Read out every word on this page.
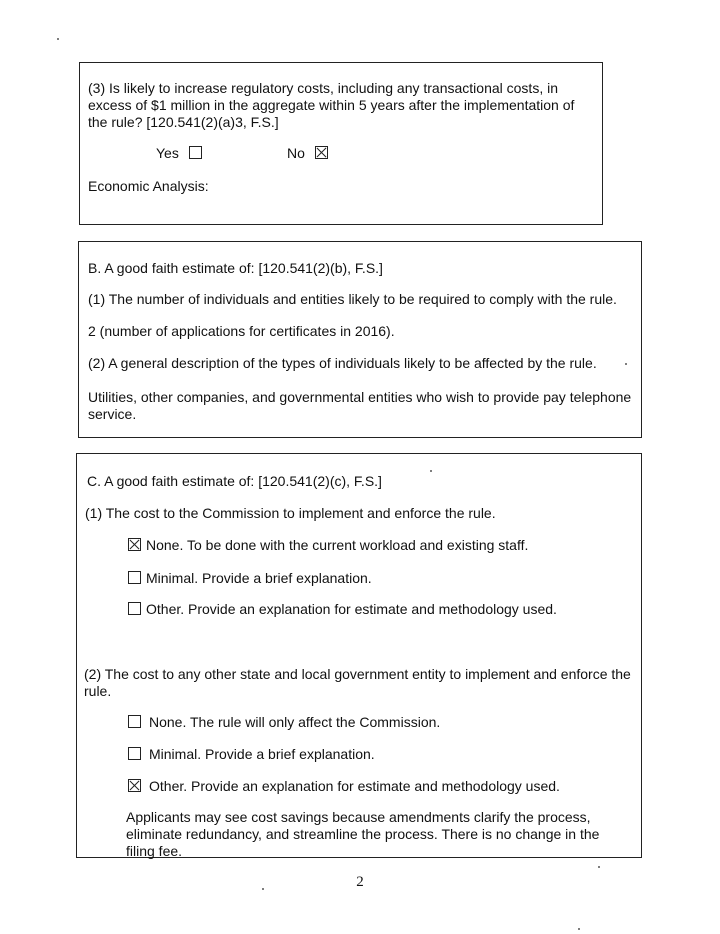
(3) Is likely to increase regulatory costs, including any transactional costs, in excess of $1 million in the aggregate within 5 years after the implementation of the rule? [120.541(2)(a)3, F.S.]
Yes	No
Economic Analysis:
B. A good faith estimate of: [120.541(2)(b), F.S.]
(1) The number of individuals and entities likely to be required to comply with the rule.
2 (number of applications for certificates in 2016).
(2) A general description of the types of individuals likely to be affected by the rule.
Utilities, other companies, and governmental entities who wish to provide pay telephone service.
C. A good faith estimate of: [120.541(2)(c), F.S.]
(1) The cost to the Commission to implement and enforce the rule.
None. To be done with the current workload and existing staff.
Minimal. Provide a brief explanation.
Other. Provide an explanation for estimate and methodology used.
(2) The cost to any other state and local government entity to implement and enforce the rule.
None. The rule will only affect the Commission.
Minimal. Provide a brief explanation.
Other. Provide an explanation for estimate and methodology used.
Applicants may see cost savings because amendments clarify the process, eliminate redundancy, and streamline the process. There is no change in the filing fee.
2
